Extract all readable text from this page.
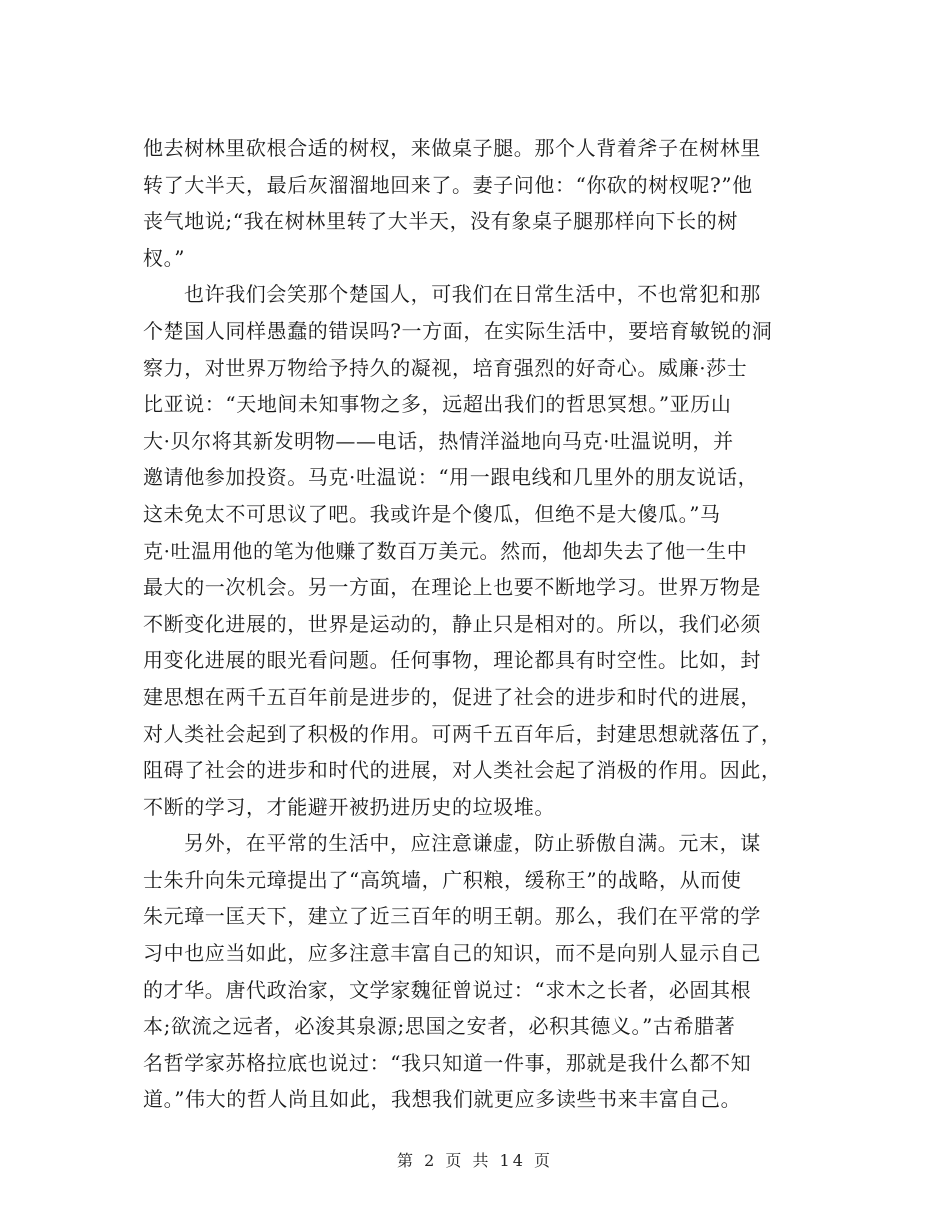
他去树林里砍根合适的树杈，来做桌子腿。那个人背着斧子在树林里
转了大半天，最后灰溜溜地回来了。妻子问他：“你砍的树杈呢?”他
丧气地说;“我在树林里转了大半天，没有象桌子腿那样向下长的树
杈。”
也许我们会笑那个楚国人，可我们在日常生活中，不也常犯和那
个楚国人同样愚蠢的错误吗?一方面，在实际生活中，要培育敏锐的洞
察力，对世界万物给予持久的凝视，培育强烈的好奇心。威廉·莎士
比亚说：“天地间未知事物之多，远超出我们的哲思冥想。”亚历山
大·贝尔将其新发明物——电话，热情洋溢地向马克·吐温说明，并
邀请他参加投资。马克·吐温说：“用一跟电线和几里外的朋友说话，
这未免太不可思议了吧。我或许是个傻瓜，但绝不是大傻瓜。”马
克·吐温用他的笔为他赚了数百万美元。然而，他却失去了他一生中
最大的一次机会。另一方面，在理论上也要不断地学习。世界万物是
不断变化进展的，世界是运动的，静止只是相对的。所以，我们必须
用变化进展的眼光看问题。任何事物，理论都具有时空性。比如，封
建思想在两千五百年前是进步的，促进了社会的进步和时代的进展，
对人类社会起到了积极的作用。可两千五百年后，封建思想就落伍了，
阻碍了社会的进步和时代的进展，对人类社会起了消极的作用。因此，
不断的学习，才能避开被扔进历史的垃圾堆。
另外，在平常的生活中，应注意谦虚，防止骄傲自满。元末，谋
士朱升向朱元璋提出了“高筑墙，广积粮，缓称王”的战略，从而使
朱元璋一匡天下，建立了近三百年的明王朝。那么，我们在平常的学
习中也应当如此，应多注意丰富自己的知识，而不是向别人显示自己
的才华。唐代政治家，文学家魏征曾说过：“求木之长者，必固其根
本;欲流之远者，必浚其泉源;思国之安者，必积其德义。”古希腊著
名哲学家苏格拉底也说过：“我只知道一件事，那就是我什么都不知
道。”伟大的哲人尚且如此，我想我们就更应多读些书来丰富自己。
第 2 页 共 14 页
